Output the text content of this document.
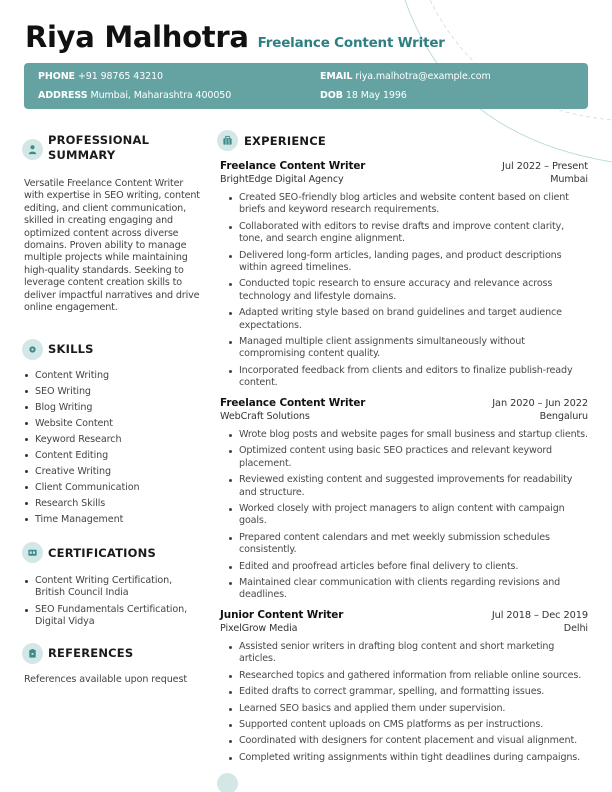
Riya Malhotra Freelance Content Writer
PHONE +91 98765 43210
ADDRESS Mumbai, Maharashtra 400050
EMAIL riya.malhotra@example.com
DOB 18 May 1996
PROFESSIONAL
SUMMARY
Versatile Freelance Content Writer with expertise in SEO writing, content editing, and client communication, skilled in creating engaging and optimized content across diverse domains. Proven ability to manage multiple projects while maintaining high-quality standards. Seeking to leverage content creation skills to deliver impactful narratives and drive online engagement.
SKILLS
Content Writing
SEO Writing
Blog Writing
Website Content
Keyword Research
Content Editing
Creative Writing
Client Communication
Research Skills
Time Management
CERTIFICATIONS
Content Writing Certification, British Council India
SEO Fundamentals Certification, Digital Vidya
REFERENCES
References available upon request
EXPERIENCE
Freelance Content Writer	Jul 2022 – Present
BrightEdge Digital Agency	Mumbai
Created SEO-friendly blog articles and website content based on client briefs and keyword research requirements.
Collaborated with editors to revise drafts and improve content clarity, tone, and search engine alignment.
Delivered long-form articles, landing pages, and product descriptions within agreed timelines.
Conducted topic research to ensure accuracy and relevance across technology and lifestyle domains.
Adapted writing style based on brand guidelines and target audience expectations.
Managed multiple client assignments simultaneously without compromising content quality.
Incorporated feedback from clients and editors to finalize publish-ready content.
Freelance Content Writer	Jan 2020 – Jun 2022
WebCraft Solutions	Bengaluru
Wrote blog posts and website pages for small business and startup clients.
Optimized content using basic SEO practices and relevant keyword placement.
Reviewed existing content and suggested improvements for readability and structure.
Worked closely with project managers to align content with campaign goals.
Prepared content calendars and met weekly submission schedules consistently.
Edited and proofread articles before final delivery to clients.
Maintained clear communication with clients regarding revisions and deadlines.
Junior Content Writer	Jul 2018 – Dec 2019
PixelGrow Media	Delhi
Assisted senior writers in drafting blog content and short marketing articles.
Researched topics and gathered information from reliable online sources.
Edited drafts to correct grammar, spelling, and formatting issues.
Learned SEO basics and applied them under supervision.
Supported content uploads on CMS platforms as per instructions.
Coordinated with designers for content placement and visual alignment.
Completed writing assignments within tight deadlines during campaigns.
